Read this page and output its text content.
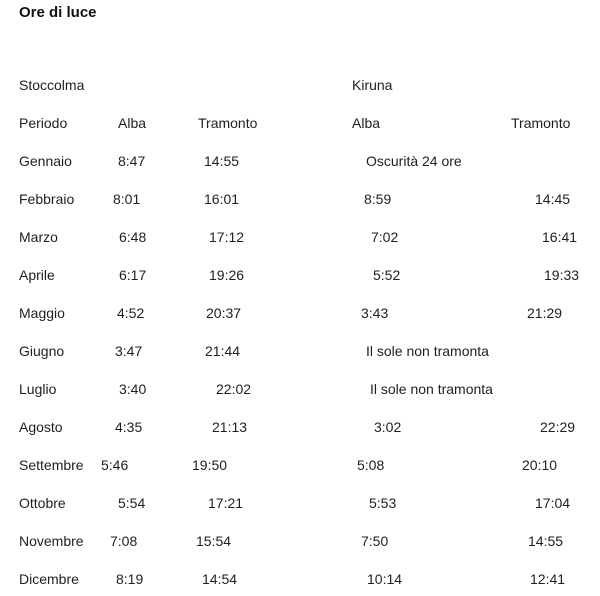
Ore di luce
Stoccolma	Kiruna
Periodo	Alba	Tramonto	Alba	Tramonto
Gennaio	8:47	14:55	Oscurità 24 ore
Febbraio	8:01	16:01	8:59	14:45
Marzo	6:48	17:12	7:02	16:41
Aprile	6:17	19:26	5:52	19:33
Maggio	4:52	20:37	3:43	21:29
Giugno	3:47	21:44	Il sole non tramonta
Luglio	3:40	22:02	Il sole non tramonta
Agosto	4:35	21:13	3:02	22:29
Settembre 5:46	19:50	5:08	20:10
Ottobre	5:54	17:21	5:53	17:04
Novembre 7:08	15:54	7:50	14:55
Dicembre	8:19	14:54	10:14	12:41
